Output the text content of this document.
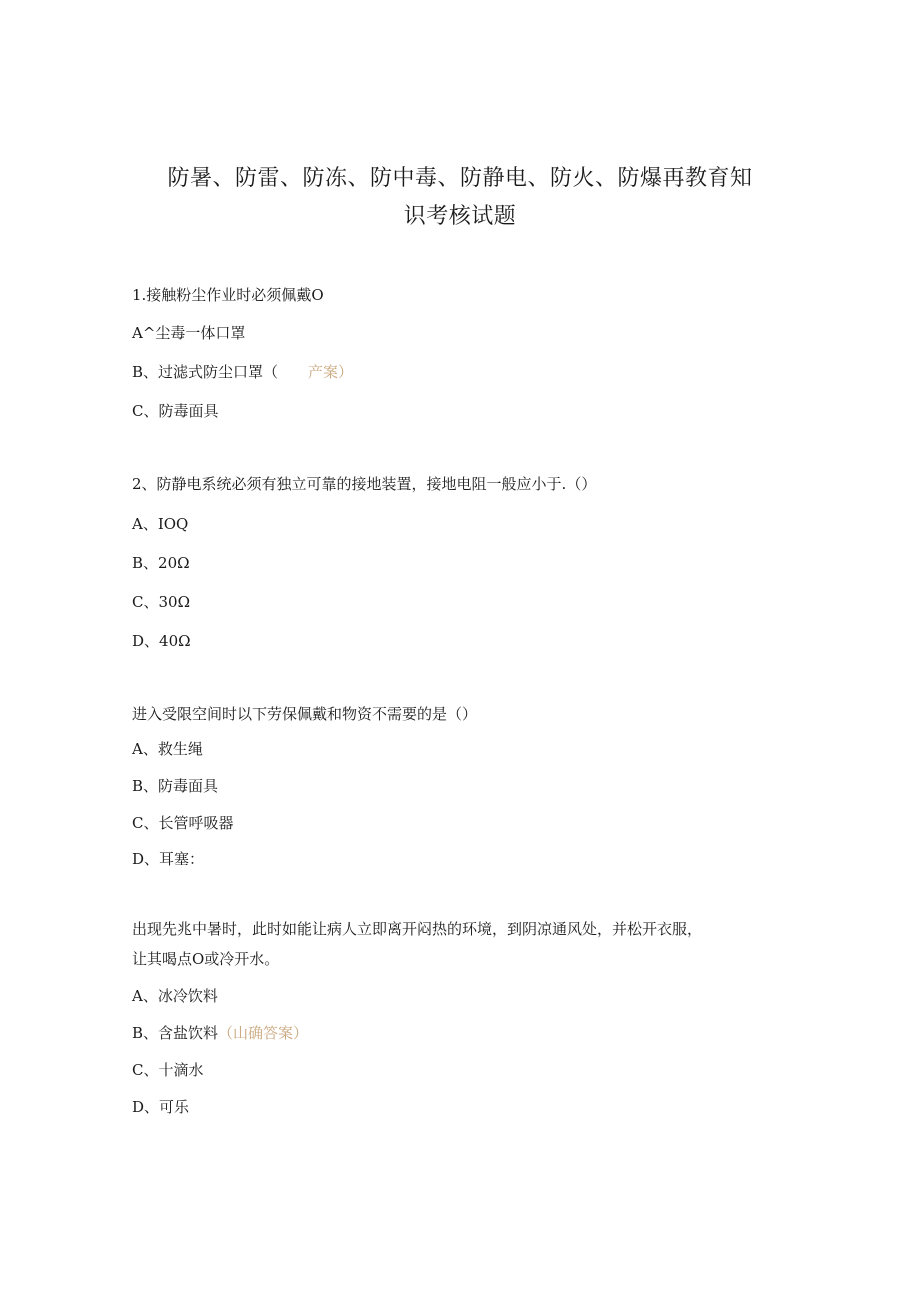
防暑、防雷、防冻、防中毒、防静电、防火、防爆再教育知
识考核试题
1.接触粉尘作业时必须佩戴O
A^尘毒一体口罩
B、过滤式防尘口罩（ 产案）
C、防毒面具
2、防静电系统必须有独立可靠的接地装置，接地电阻一般应小于.（）
A、IOQ
B、20Ω
C、30Ω
D、40Ω
进入受限空间时以下劳保佩戴和物资不需要的是（）
A、救生绳
B、防毒面具
C、长管呼吸器
D、耳塞：
出现先兆中暑时，此时如能让病人立即离开闷热的环境，到阴凉通风处，并松开衣服，
让其喝点O或冷开水。
A、冰冷饮料
B、含盐饮料（山确答案）
C、十滴水
D、可乐
